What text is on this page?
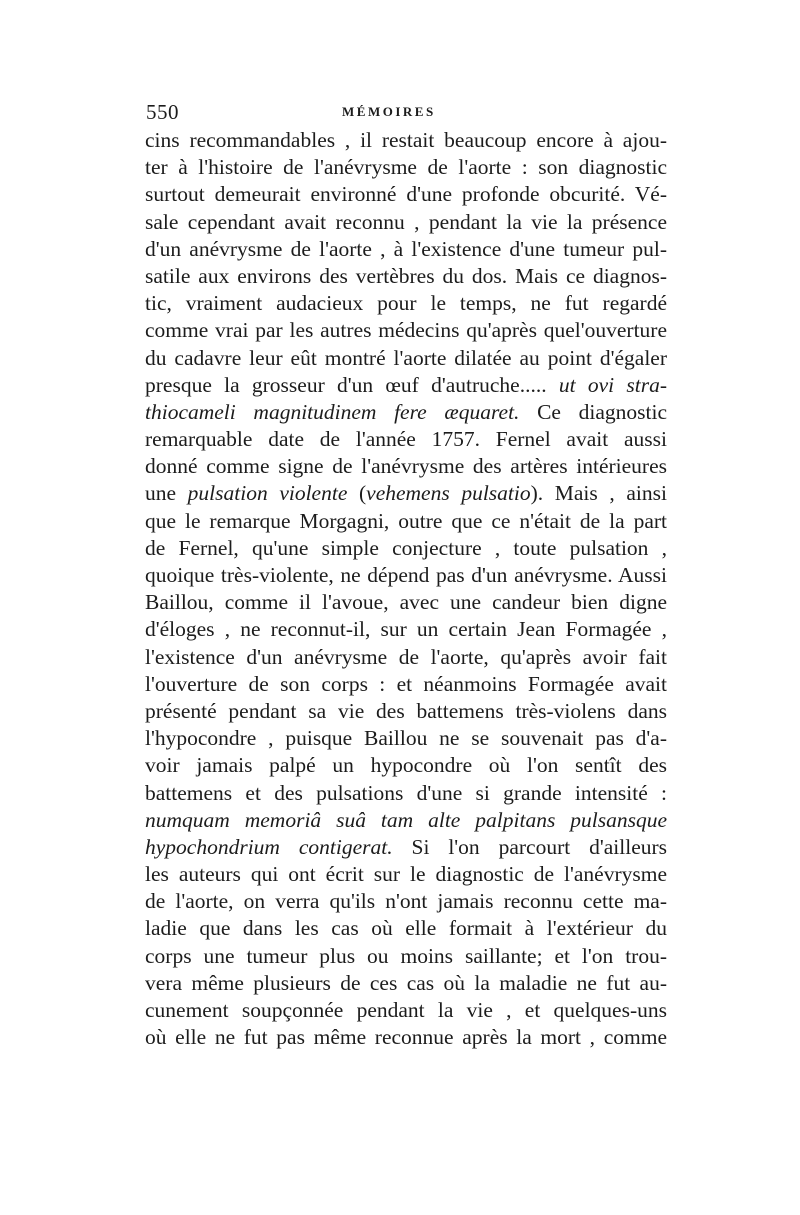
550	MÉMOIRES
cins recommandables , il restait beaucoup encore à ajou-
ter à l'histoire de l'anévrysme de l'aorte : son diagnostic
surtout demeurait environné d'une profonde obcurité. Vé-
sale cependant avait reconnu , pendant la vie la présence
d'un anévrysme de l'aorte , à l'existence d'une tumeur pul-
satile aux environs des vertèbres du dos. Mais ce diagnos-
tic, vraiment audacieux pour le temps, ne fut regardé
comme vrai par les autres médecins qu'après quel'ouverture
du cadavre leur eût montré l'aorte dilatée au point d'égaler
presque la grosseur d'un œuf d'autruche..... ut ovi stra-
thiocameli magnitudinem fere æquaret. Ce diagnostic
remarquable date de l'année 1757. Fernel avait aussi
donné comme signe de l'anévrysme des artères intérieures
une pulsation violente (vehemens pulsatio). Mais , ainsi
que le remarque Morgagni, outre que ce n'était de la part
de Fernel, qu'une simple conjecture , toute pulsation ,
quoique très-violente, ne dépend pas d'un anévrysme. Aussi
Baillou, comme il l'avoue, avec une candeur bien digne
d'éloges , ne reconnut-il, sur un certain Jean Formagée ,
l'existence d'un anévrysme de l'aorte, qu'après avoir fait
l'ouverture de son corps : et néanmoins Formagée avait
présenté pendant sa vie des battemens très-violens dans
l'hypocondre , puisque Baillou ne se souvenait pas d'a-
voir jamais palpé un hypocondre où l'on sentît des
battemens et des pulsations d'une si grande intensité :
numquam memoriâ suâ tam alte palpitans pulsansque
hypochondrium contigerat. Si l'on parcourt d'ailleurs
les auteurs qui ont écrit sur le diagnostic de l'anévrysme
de l'aorte, on verra qu'ils n'ont jamais reconnu cette ma-
ladie que dans les cas où elle formait à l'extérieur du
corps une tumeur plus ou moins saillante; et l'on trou-
vera même plusieurs de ces cas où la maladie ne fut au-
cunement soupçonnée pendant la vie , et quelques-uns
où elle ne fut pas même reconnue après la mort , comme
